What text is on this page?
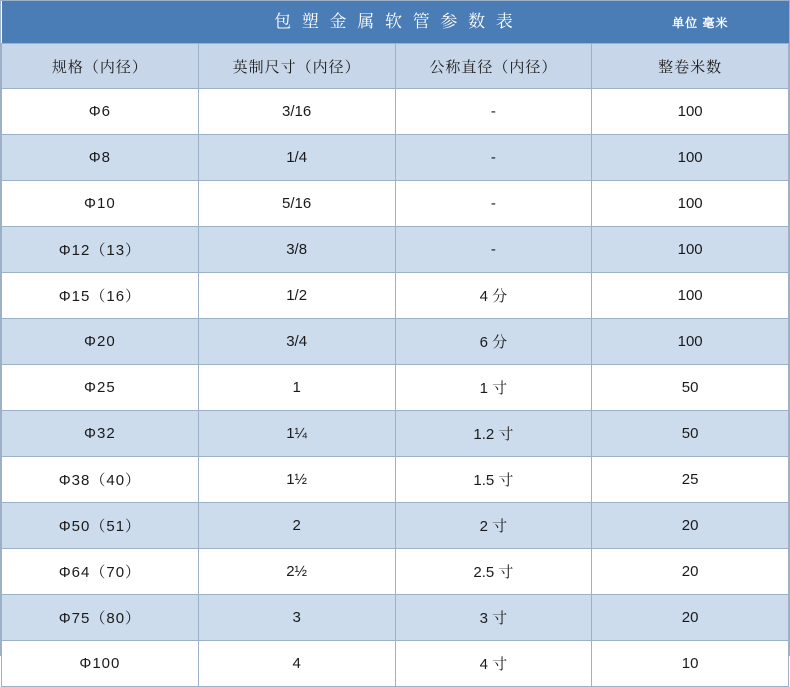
包 塑 金 属 软 管 参 数 表 单位 毫米			

规格（内径）	英制尺寸（内径）	公称直径（内径）	整卷米数
Φ6	3/16	-	100
Φ8	1/4	-	100
Φ10	5/16	-	100
Φ12（13）	3/8	-	100
Φ15（16）	1/2	4 分	100
Φ20	3/4	6 分	100
Φ25	1	1 寸	50
Φ32	1¼	1.2 寸	50
Φ38（40）	1½	1.5 寸	25
Φ50（51）	2	2 寸	20
Φ64（70）	2½	2.5 寸	20
Φ75（80）	3	3 寸	20
Φ100	4	4 寸	10
